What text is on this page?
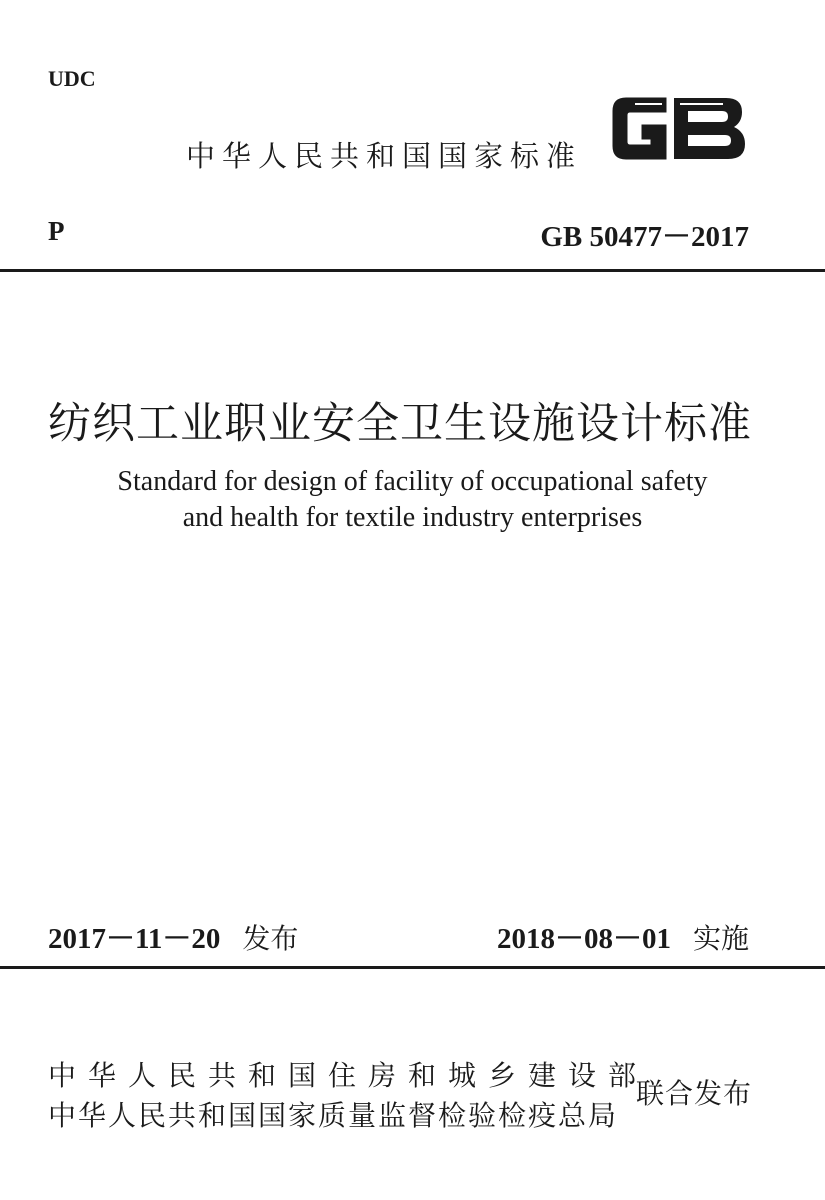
UDC
中华人民共和国国家标准
P	GB 50477－2017
纺织工业职业安全卫生设施设计标准
Standard for design of facility of occupational safety
and health for textile industry enterprises
2017－11－20 发布	2018－08－01 实施
中华人民共和国住房和城乡建设部
中华人民共和国国家质量监督检验检疫总局
联合发布
